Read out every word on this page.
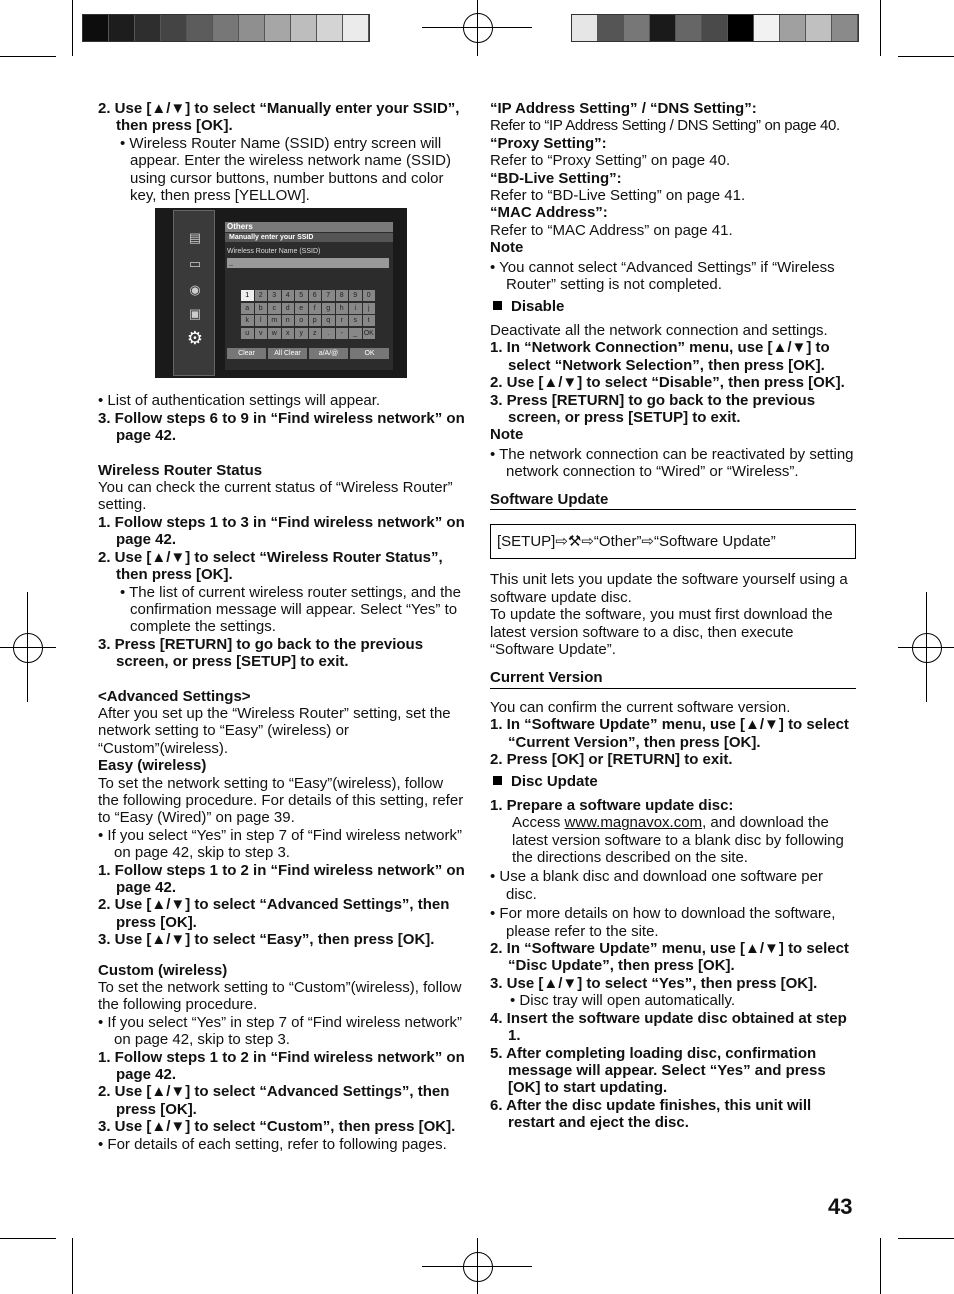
2. Use [▲/▼] to select “Manually enter your SSID”, then press [OK].

• Wireless Router Name (SSID) entry screen will appear. Enter the wireless network name (SSID) using cursor buttons, number buttons and color key, then press [YELLOW].

• List of authentication settings will appear.

3. Follow steps 6 to 9 in “Find wireless network” on page 42.

Wireless Router Status

You can check the current status of “Wireless Router” setting.

1. Follow steps 1 to 3 in “Find wireless network” on page 42.

2. Use [▲/▼] to select “Wireless Router Status”, then press [OK].

• The list of current wireless router settings, and the confirmation message will appear. Select “Yes” to complete the settings.

3. Press [RETURN] to go back to the previous screen, or press [SETUP] to exit.

<Advanced Settings>

After you set up the “Wireless Router” setting, set the network setting to “Easy” (wireless) or “Custom”(wireless).

Easy (wireless)

To set the network setting to “Easy”(wireless), follow the following procedure. For details of this setting, refer to “Easy (Wired)” on page 39.

• If you select “Yes” in step 7 of “Find wireless network” on page 42, skip to step 3.

1. Follow steps 1 to 2 in “Find wireless network” on page 42.

2. Use [▲/▼] to select “Advanced Settings”, then press [OK].

3. Use [▲/▼] to select “Easy”, then press [OK].

Custom (wireless)

To set the network setting to “Custom”(wireless), follow the following procedure.

• If you select “Yes” in step 7 of “Find wireless network” on page 42, skip to step 3.

1. Follow steps 1 to 2 in “Find wireless network” on page 42.

2. Use [▲/▼] to select “Advanced Settings”, then press [OK].

3. Use [▲/▼] to select “Custom”, then press [OK].

• For details of each setting, refer to following pages.

▤
▭
◉
▣
⚙
Others
Manually enter your SSID
Wireless Router Name (SSID)
_
1	2	3	4	5	6	7	8	9	0
a	b	c	d	e	f	g	h	i	j
k	l	m	n	o	p	q	r	s	t
u	v	w	x	y	z	.	-	_ OK
Clear	All Clear	a/A/@	OK

“IP Address Setting” / “DNS Setting”:

Refer to “IP Address Setting / DNS Setting” on page 40.

“Proxy Setting”:

Refer to “Proxy Setting” on page 40.

“BD-Live Setting”:

Refer to “BD-Live Setting” on page 41.

“MAC Address”:

Refer to “MAC Address” on page 41.

Note

• You cannot select “Advanced Settings” if “Wireless Router” setting is not completed.

Disable

Deactivate all the network connection and settings.

1. In “Network Connection” menu, use [▲/▼] to select “Network Selection”, then press [OK].

2. Use [▲/▼] to select “Disable”, then press [OK].

3. Press [RETURN] to go back to the previous screen, or press [SETUP] to exit.

Note

• The network connection can be reactivated by setting network connection to “Wired” or “Wireless”.

Software Update

[SETUP]⇨⚒⇨“Other”⇨“Software Update”

This unit lets you update the software yourself using a software update disc.

To update the software, you must first download the latest version software to a disc, then execute “Software Update”.

Current Version

You can confirm the current software version.

1. In “Software Update” menu, use [▲/▼] to select “Current Version”, then press [OK].

2. Press [OK] or [RETURN] to exit.

Disc Update

1. Prepare a software update disc:

Access www.magnavox.com, and download the latest version software to a blank disc by following the directions described on the site.

• Use a blank disc and download one software per disc.

• For more details on how to download the software, please refer to the site.

2. In “Software Update” menu, use [▲/▼] to select “Disc Update”, then press [OK].

3. Use [▲/▼] to select “Yes”, then press [OK].

• Disc tray will open automatically.

4. Insert the software update disc obtained at step 1.

5. After completing loading disc, confirmation message will appear. Select “Yes” and press [OK] to start updating.

6. After the disc update finishes, this unit will restart and eject the disc.

43
